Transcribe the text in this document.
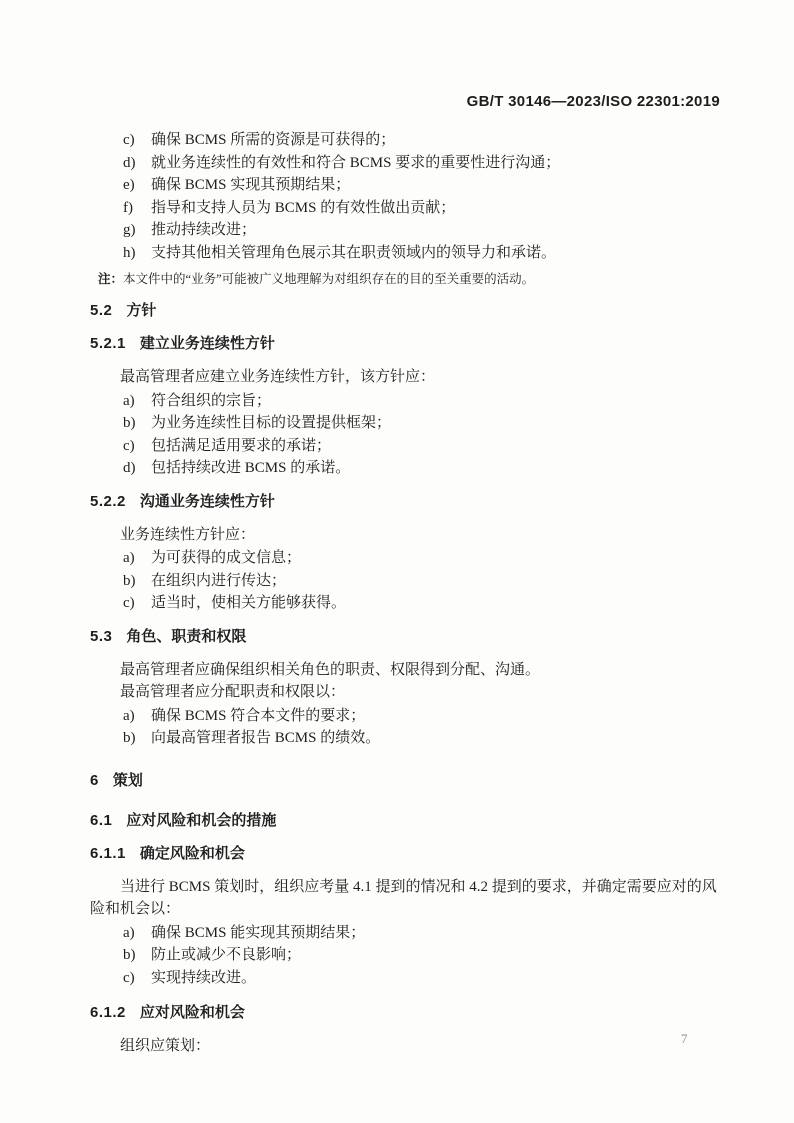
GB/T 30146—2023/ISO 22301:2019
c)	确保 BCMS 所需的资源是可获得的；
d)	就业务连续性的有效性和符合 BCMS 要求的重要性进行沟通；
e)	确保 BCMS 实现其预期结果；
f)	指导和支持人员为 BCMS 的有效性做出贡献；
g)	推动持续改进；
h)	支持其他相关管理角色展示其在职责领域内的领导力和承诺。
注：本文件中的“业务”可能被广义地理解为对组织存在的目的至关重要的活动。
5.2 方针
5.2.1 建立业务连续性方针
最高管理者应建立业务连续性方针，该方针应：
a)	符合组织的宗旨；
b)	为业务连续性目标的设置提供框架；
c)	包括满足适用要求的承诺；
d)	包括持续改进 BCMS 的承诺。
5.2.2 沟通业务连续性方针
业务连续性方针应：
a)	为可获得的成文信息；
b)	在组织内进行传达；
c)	适当时，使相关方能够获得。
5.3 角色、职责和权限
最高管理者应确保组织相关角色的职责、权限得到分配、沟通。
最高管理者应分配职责和权限以：
a)	确保 BCMS 符合本文件的要求；
b)	向最高管理者报告 BCMS 的绩效。
6 策划
6.1 应对风险和机会的措施
6.1.1 确定风险和机会
当进行 BCMS 策划时，组织应考量 4.1 提到的情况和 4.2 提到的要求，并确定需要应对的风险和机会以：
a)	确保 BCMS 能实现其预期结果；
b)	防止或减少不良影响；
c)	实现持续改进。
6.1.2 应对风险和机会
组织应策划：	7
